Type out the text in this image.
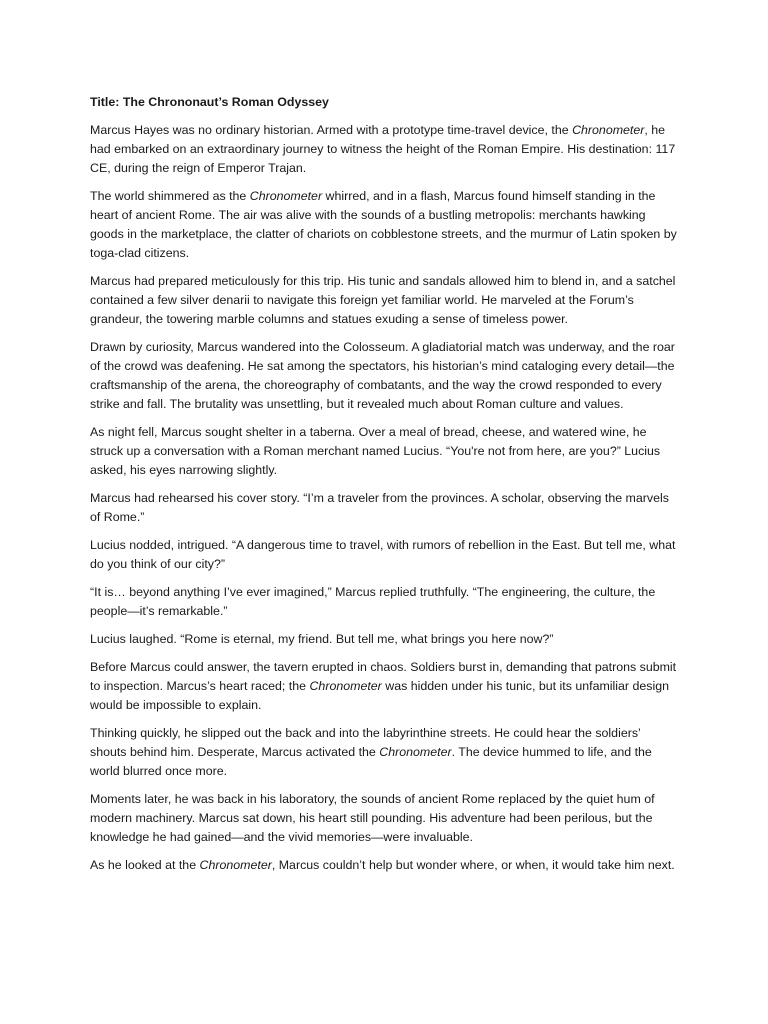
Title: The Chrononaut’s Roman Odyssey

Marcus Hayes was no ordinary historian. Armed with a prototype time-travel device, the Chronometer, he had embarked on an extraordinary journey to witness the height of the Roman Empire. His destination: 117 CE, during the reign of Emperor Trajan.

The world shimmered as the Chronometer whirred, and in a flash, Marcus found himself standing in the heart of ancient Rome. The air was alive with the sounds of a bustling metropolis: merchants hawking goods in the marketplace, the clatter of chariots on cobblestone streets, and the murmur of Latin spoken by toga-clad citizens.

Marcus had prepared meticulously for this trip. His tunic and sandals allowed him to blend in, and a satchel contained a few silver denarii to navigate this foreign yet familiar world. He marveled at the Forum’s grandeur, the towering marble columns and statues exuding a sense of timeless power.

Drawn by curiosity, Marcus wandered into the Colosseum. A gladiatorial match was underway, and the roar of the crowd was deafening. He sat among the spectators, his historian’s mind cataloging every detail—the craftsmanship of the arena, the choreography of combatants, and the way the crowd responded to every strike and fall. The brutality was unsettling, but it revealed much about Roman culture and values.

As night fell, Marcus sought shelter in a taberna. Over a meal of bread, cheese, and watered wine, he struck up a conversation with a Roman merchant named Lucius. “You're not from here, are you?” Lucius asked, his eyes narrowing slightly.

Marcus had rehearsed his cover story. “I’m a traveler from the provinces. A scholar, observing the marvels of Rome.”

Lucius nodded, intrigued. “A dangerous time to travel, with rumors of rebellion in the East. But tell me, what do you think of our city?”

“It is… beyond anything I’ve ever imagined,” Marcus replied truthfully. “The engineering, the culture, the people—it’s remarkable.”

Lucius laughed. “Rome is eternal, my friend. But tell me, what brings you here now?”

Before Marcus could answer, the tavern erupted in chaos. Soldiers burst in, demanding that patrons submit to inspection. Marcus’s heart raced; the Chronometer was hidden under his tunic, but its unfamiliar design would be impossible to explain.

Thinking quickly, he slipped out the back and into the labyrinthine streets. He could hear the soldiers’ shouts behind him. Desperate, Marcus activated the Chronometer. The device hummed to life, and the world blurred once more.

Moments later, he was back in his laboratory, the sounds of ancient Rome replaced by the quiet hum of modern machinery. Marcus sat down, his heart still pounding. His adventure had been perilous, but the knowledge he had gained—and the vivid memories—were invaluable.

As he looked at the Chronometer, Marcus couldn’t help but wonder where, or when, it would take him next.
